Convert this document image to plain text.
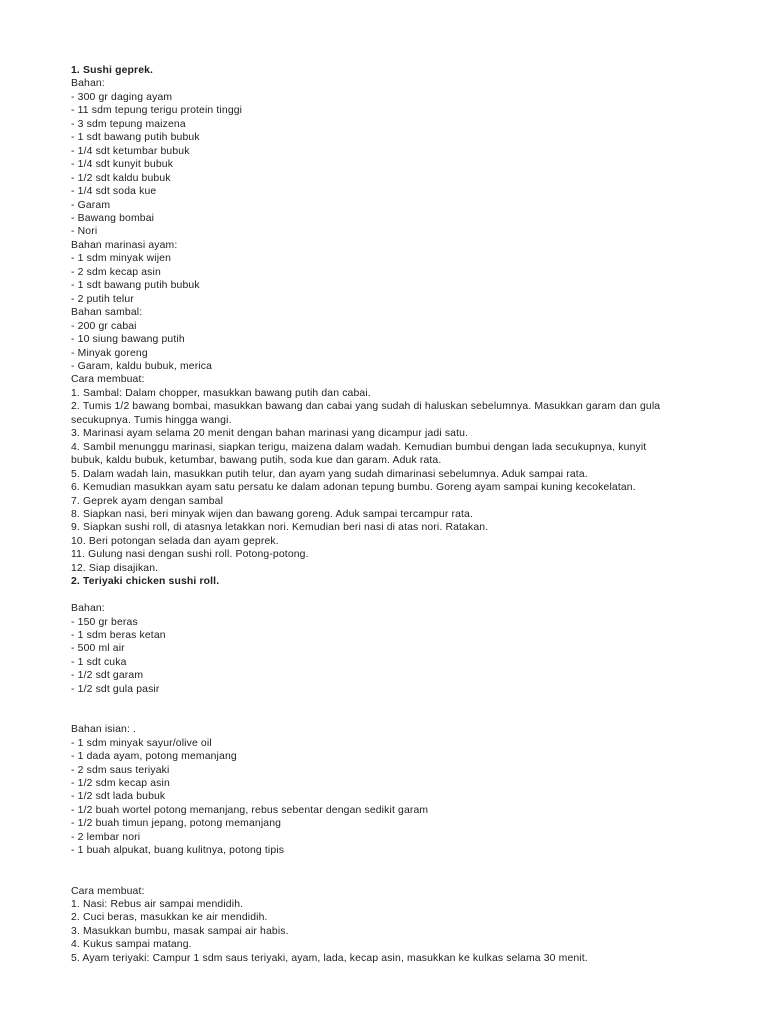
1. Sushi geprek.
Bahan:
- 300 gr daging ayam
- 11 sdm tepung terigu protein tinggi
- 3 sdm tepung maizena
- 1 sdt bawang putih bubuk
- 1/4 sdt ketumbar bubuk
- 1/4 sdt kunyit bubuk
- 1/2 sdt kaldu bubuk
- 1/4 sdt soda kue
- Garam
- Bawang bombai
- Nori
Bahan marinasi ayam:
- 1 sdm minyak wijen
- 2 sdm kecap asin
- 1 sdt bawang putih bubuk
- 2 putih telur
Bahan sambal:
- 200 gr cabai
- 10 siung bawang putih
- Minyak goreng
- Garam, kaldu bubuk, merica
Cara membuat:
1. Sambal: Dalam chopper, masukkan bawang putih dan cabai.
2. Tumis 1/2 bawang bombai, masukkan bawang dan cabai yang sudah di haluskan sebelumnya. Masukkan garam dan gula
secukupnya. Tumis hingga wangi.
3. Marinasi ayam selama 20 menit dengan bahan marinasi yang dicampur jadi satu.
4. Sambil menunggu marinasi, siapkan terigu, maizena dalam wadah. Kemudian bumbui dengan lada secukupnya, kunyit
bubuk, kaldu bubuk, ketumbar, bawang putih, soda kue dan garam. Aduk rata.
5. Dalam wadah lain, masukkan putih telur, dan ayam yang sudah dimarinasi sebelumnya. Aduk sampai rata.
6. Kemudian masukkan ayam satu persatu ke dalam adonan tepung bumbu. Goreng ayam sampai kuning kecokelatan.
7. Geprek ayam dengan sambal
8. Siapkan nasi, beri minyak wijen dan bawang goreng. Aduk sampai tercampur rata.
9. Siapkan sushi roll, di atasnya letakkan nori. Kemudian beri nasi di atas nori. Ratakan.
10. Beri potongan selada dan ayam geprek.
11. Gulung nasi dengan sushi roll. Potong-potong.
12. Siap disajikan.
2. Teriyaki chicken sushi roll.
Bahan:
- 150 gr beras
- 1 sdm beras ketan
- 500 ml air
- 1 sdt cuka
- 1/2 sdt garam
- 1/2 sdt gula pasir
Bahan isian: .
- 1 sdm minyak sayur/olive oil
- 1 dada ayam, potong memanjang
- 2 sdm saus teriyaki
- 1/2 sdm kecap asin
- 1/2 sdt lada bubuk
- 1/2 buah wortel potong memanjang, rebus sebentar dengan sedikit garam
- 1/2 buah timun jepang, potong memanjang
- 2 lembar nori
- 1 buah alpukat, buang kulitnya, potong tipis
Cara membuat:
1. Nasi: Rebus air sampai mendidih.
2. Cuci beras, masukkan ke air mendidih.
3. Masukkan bumbu, masak sampai air habis.
4. Kukus sampai matang.
5. Ayam teriyaki: Campur 1 sdm saus teriyaki, ayam, lada, kecap asin, masukkan ke kulkas selama 30 menit.
